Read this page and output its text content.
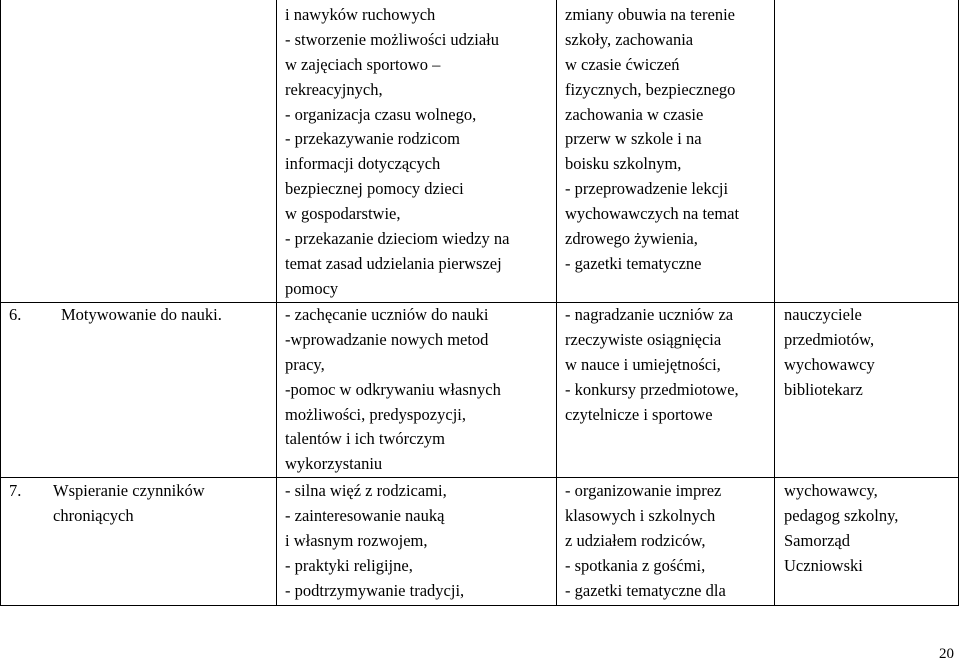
i nawyków ruchowych
- stworzenie możliwości udziału
w zajęciach sportowo –
rekreacyjnych,
- organizacja czasu wolnego,
- przekazywanie rodzicom
informacji dotyczących
bezpiecznej pomocy dzieci
w gospodarstwie,
- przekazanie dzieciom wiedzy na
temat zasad udzielania pierwszej
pomocy
zmiany obuwia na terenie
szkoły, zachowania
w czasie ćwiczeń
fizycznych, bezpiecznego
zachowania w czasie
przerw w szkole i na
boisku szkolnym,
- przeprowadzenie lekcji
wychowawczych na temat
zdrowego żywienia,
- gazetki tematyczne
6. Motywowanie do nauki.	- zachęcanie uczniów do nauki
-wprowadzanie nowych metod
pracy,
-pomoc w odkrywaniu własnych
możliwości, predyspozycji,
talentów i ich twórczym
wykorzystaniu
- nagradzanie uczniów za
rzeczywiste osiągnięcia
w nauce i umiejętności,
- konkursy przedmiotowe,
czytelnicze i sportowe
nauczyciele
przedmiotów,
wychowawcy
bibliotekarz
7. Wspieranie czynników
chroniących
- silna więź z rodzicami,
- zainteresowanie nauką
i własnym rozwojem,
- praktyki religijne,
- podtrzymywanie tradycji,
- organizowanie imprez
klasowych i szkolnych
z udziałem rodziców,
- spotkania z gośćmi,
- gazetki tematyczne dla
wychowawcy,
pedagog szkolny,
Samorząd
Uczniowski
20
